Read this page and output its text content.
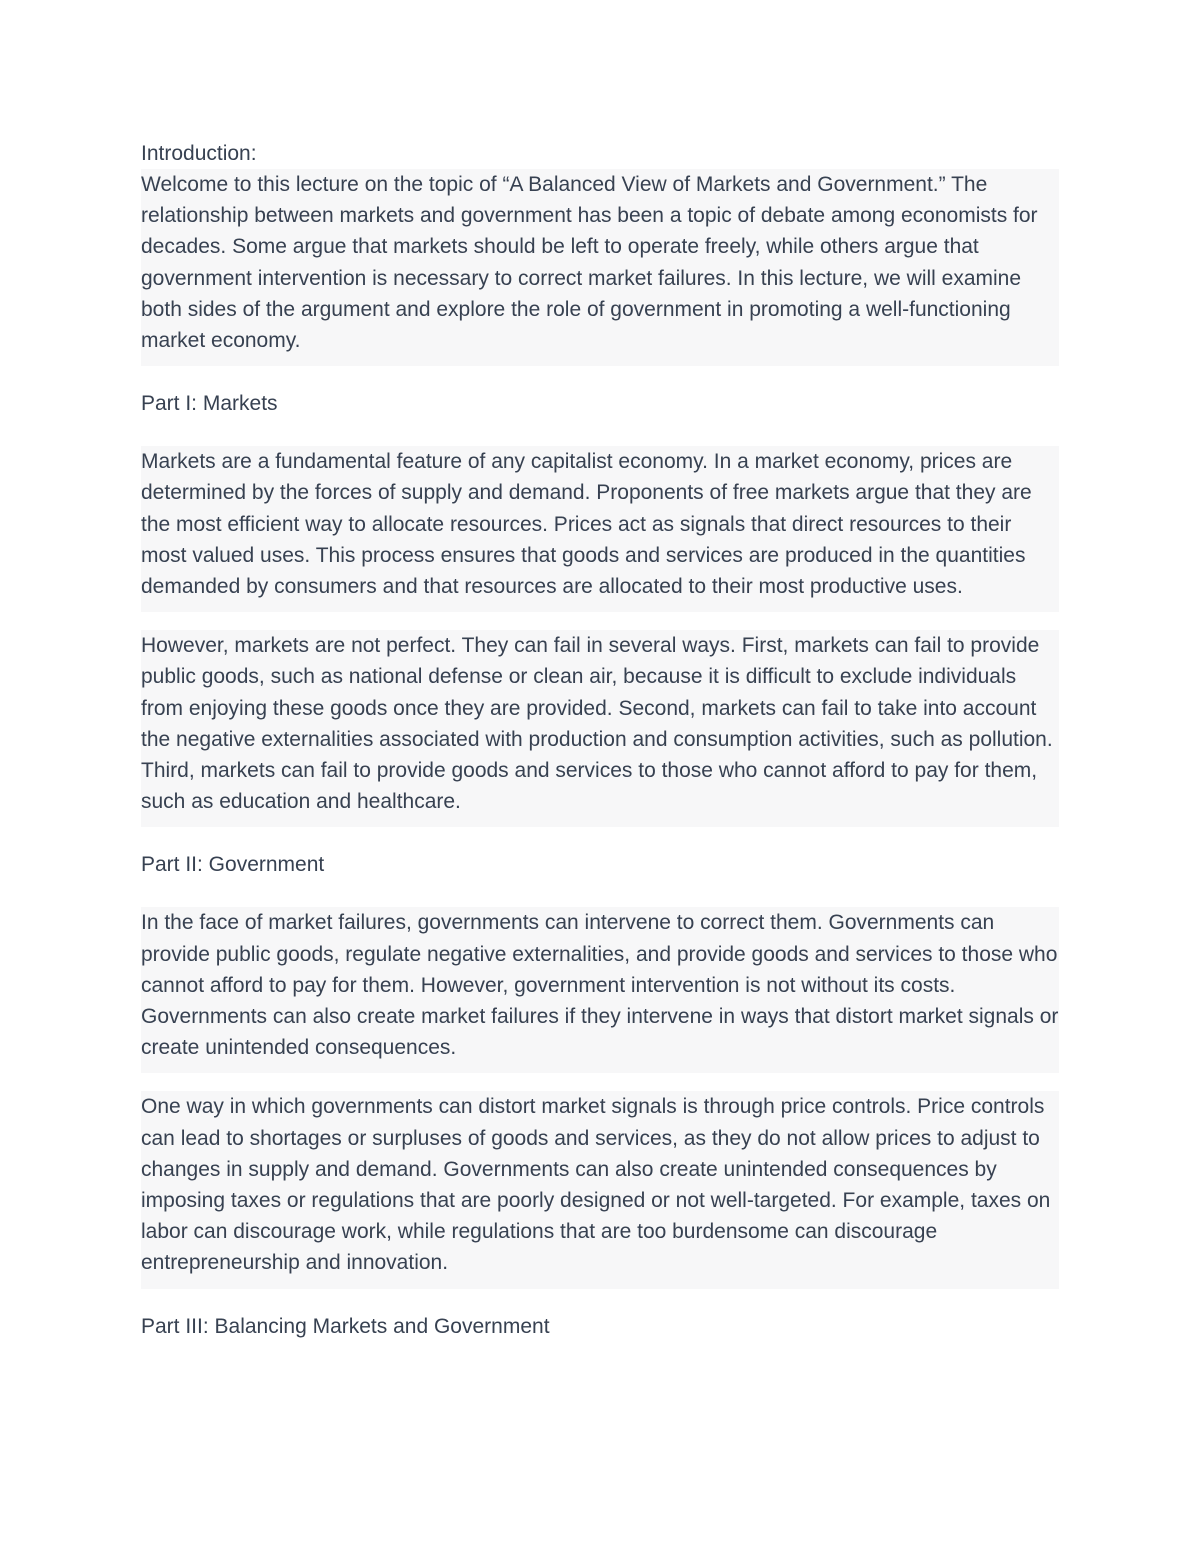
Introduction:

Welcome to this lecture on the topic of “A Balanced View of Markets and Government.” The relationship between markets and government has been a topic of debate among economists for decades. Some argue that markets should be left to operate freely, while others argue that government intervention is necessary to correct market failures. In this lecture, we will examine both sides of the argument and explore the role of government in promoting a well-functioning market economy.

Part I: Markets

Markets are a fundamental feature of any capitalist economy. In a market economy, prices are determined by the forces of supply and demand. Proponents of free markets argue that they are the most efficient way to allocate resources. Prices act as signals that direct resources to their most valued uses. This process ensures that goods and services are produced in the quantities demanded by consumers and that resources are allocated to their most productive uses.

However, markets are not perfect. They can fail in several ways. First, markets can fail to provide public goods, such as national defense or clean air, because it is difficult to exclude individuals from enjoying these goods once they are provided. Second, markets can fail to take into account the negative externalities associated with production and consumption activities, such as pollution. Third, markets can fail to provide goods and services to those who cannot afford to pay for them, such as education and healthcare.

Part II: Government

In the face of market failures, governments can intervene to correct them. Governments can provide public goods, regulate negative externalities, and provide goods and services to those who cannot afford to pay for them. However, government intervention is not without its costs. Governments can also create market failures if they intervene in ways that distort market signals or create unintended consequences.

One way in which governments can distort market signals is through price controls. Price controls can lead to shortages or surpluses of goods and services, as they do not allow prices to adjust to changes in supply and demand. Governments can also create unintended consequences by imposing taxes or regulations that are poorly designed or not well-targeted. For example, taxes on labor can discourage work, while regulations that are too burdensome can discourage entrepreneurship and innovation.

Part III: Balancing Markets and Government
